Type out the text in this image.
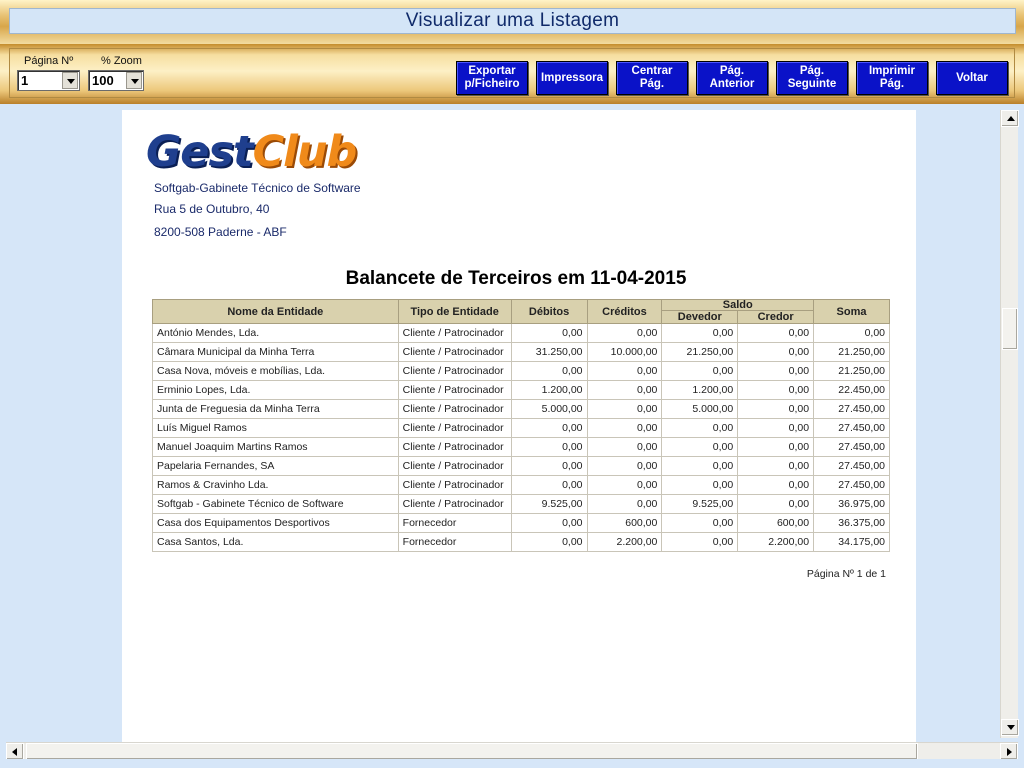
Visualizar uma Listagem
Página Nº
1
% Zoom
100
Exportar
p/Ficheiro
Impressora
Centrar
Pág.
Pág.
Anterior
Pág.
Seguinte
Imprimir
Pág.
Voltar
GestClub
Softgab-Gabinete Técnico de Software
Rua 5 de Outubro, 40
8200-508 Paderne - ABF
Balancete de Terceiros em 11-04-2015
Nome da Entidade	Tipo de Entidade	Débitos	Créditos	Saldo		Soma
				Devedor	Credor	
António Mendes, Lda.	Cliente / Patrocinador	0,00	0,00	0,00	0,00	0,00
Câmara Municipal da Minha Terra	Cliente / Patrocinador	31.250,00	10.000,00	21.250,00	0,00	21.250,00
Casa Nova, móveis e mobílias, Lda.	Cliente / Patrocinador	0,00	0,00	0,00	0,00	21.250,00
Erminio Lopes, Lda.	Cliente / Patrocinador	1.200,00	0,00	1.200,00	0,00	22.450,00
Junta de Freguesia da Minha Terra	Cliente / Patrocinador	5.000,00	0,00	5.000,00	0,00	27.450,00
Luís Miguel Ramos	Cliente / Patrocinador	0,00	0,00	0,00	0,00	27.450,00
Manuel Joaquim Martins Ramos	Cliente / Patrocinador	0,00	0,00	0,00	0,00	27.450,00
Papelaria Fernandes, SA	Cliente / Patrocinador	0,00	0,00	0,00	0,00	27.450,00
Ramos & Cravinho Lda.	Cliente / Patrocinador	0,00	0,00	0,00	0,00	27.450,00
Softgab - Gabinete Técnico de Software	Cliente / Patrocinador	9.525,00	0,00	9.525,00	0,00	36.975,00
Casa dos Equipamentos Desportivos	Fornecedor	0,00	600,00	0,00	600,00	36.375,00
Casa Santos, Lda.	Fornecedor	0,00	2.200,00	0,00	2.200,00	34.175,00
Página Nº 1 de 1
